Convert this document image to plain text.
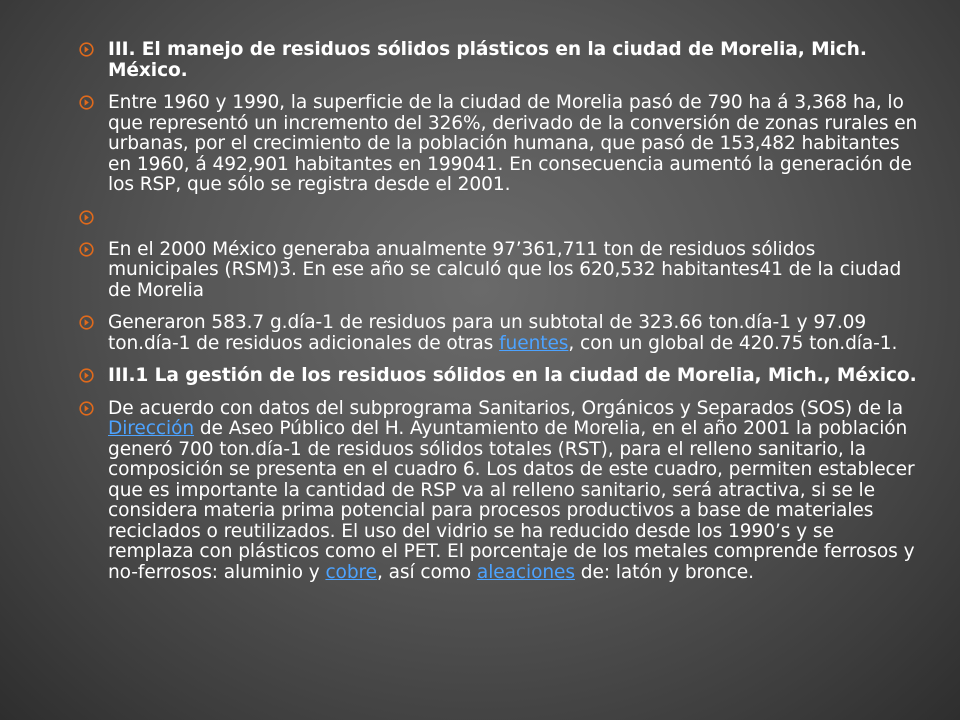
III. El manejo de residuos sólidos plásticos en la ciudad de Morelia, Mich. México.
Entre 1960 y 1990, la superficie de la ciudad de Morelia pasó de 790 ha á 3,368 ha, lo que representó un incremento del 326%, derivado de la conversión de zonas rurales en urbanas, por el crecimiento de la población humana, que pasó de 153,482 habitantes en 1960, á 492,901 habitantes en 199041. En consecuencia aumentó la generación de los RSP, que sólo se registra desde el 2001.
En el 2000 México generaba anualmente 97’361,711 ton de residuos sólidos municipales (RSM)3. En ese año se calculó que los 620,532 habitantes41 de la ciudad de Morelia
Generaron 583.7 g.día-1 de residuos para un subtotal de 323.66 ton.día-1 y 97.09 ton.día-1 de residuos adicionales de otras fuentes, con un global de 420.75 ton.día-1.
III.1 La gestión de los residuos sólidos en la ciudad de Morelia, Mich., México.
De acuerdo con datos del subprograma Sanitarios, Orgánicos y Separados (SOS) de la Dirección de Aseo Público del H. Ayuntamiento de Morelia, en el año 2001 la población generó 700 ton.día-1 de residuos sólidos totales (RST), para el relleno sanitario, la composición se presenta en el cuadro 6. Los datos de este cuadro, permiten establecer que es importante la cantidad de RSP va al relleno sanitario, será atractiva, si se le considera materia prima potencial para procesos productivos a base de materiales reciclados o reutilizados. El uso del vidrio se ha reducido desde los 1990’s y se remplaza con plásticos como el PET. El porcentaje de los metales comprende ferrosos y no-ferrosos: aluminio y cobre, así como aleaciones de: latón y bronce.
